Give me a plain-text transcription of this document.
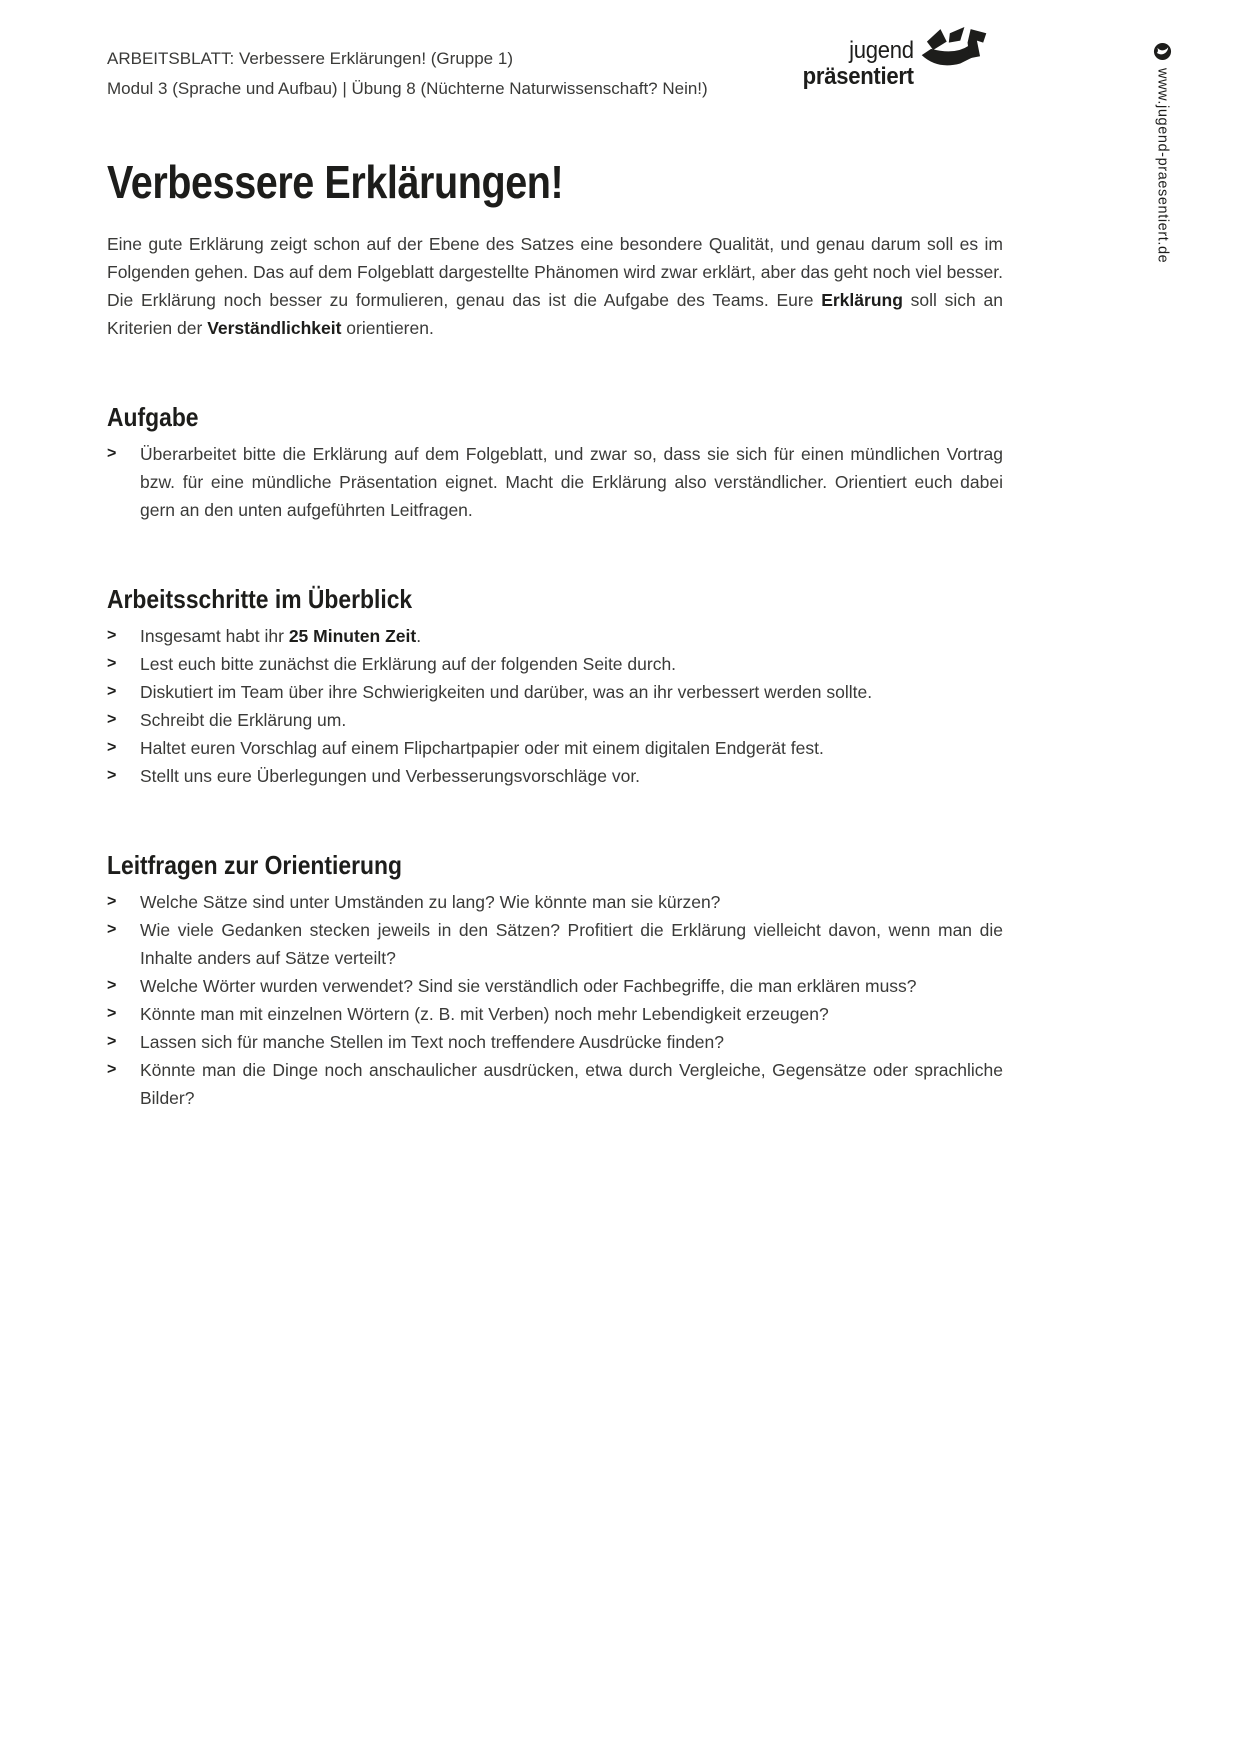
jugend
präsentiert	www.jugend-praesentiert.de
ARBEITSBLATT: Verbessere Erklärungen! (Gruppe 1)
Modul 3 (Sprache und Aufbau) | Übung 8 (Nüchterne Naturwissenschaft? Nein!)
Verbessere Erklärungen!

Eine gute Erklärung zeigt schon auf der Ebene des Satzes eine besondere Qualität, und genau darum soll es im Folgenden gehen. Das auf dem Folgeblatt dargestellte Phänomen wird zwar erklärt, aber das geht noch viel besser. Die Erklärung noch besser zu formulieren, genau das ist die Aufgabe des Teams. Eure Erklärung soll sich an Kriterien der Verständlichkeit orientieren.

Aufgabe
>	Überarbeitet bitte die Erklärung auf dem Folgeblatt, und zwar so, dass sie sich für einen mündlichen Vortrag bzw. für eine mündliche Präsentation eignet. Macht die Erklärung also verständlicher. Orientiert euch dabei gern an den unten aufgeführten Leitfragen.
Arbeitsschritte im Überblick
>	Insgesamt habt ihr 25 Minuten Zeit.
>	Lest euch bitte zunächst die Erklärung auf der folgenden Seite durch.
>	Diskutiert im Team über ihre Schwierigkeiten und darüber, was an ihr verbessert werden sollte.
>	Schreibt die Erklärung um.
>	Haltet euren Vorschlag auf einem Flipchartpapier oder mit einem digitalen Endgerät fest.
>	Stellt uns eure Überlegungen und Verbesserungsvorschläge vor.
Leitfragen zur Orientierung
>	Welche Sätze sind unter Umständen zu lang? Wie könnte man sie kürzen?
>	Wie viele Gedanken stecken jeweils in den Sätzen? Profitiert die Erklärung vielleicht davon, wenn man die Inhalte anders auf Sätze verteilt?
>	Welche Wörter wurden verwendet? Sind sie verständlich oder Fachbegriffe, die man erklären muss?
>	Könnte man mit einzelnen Wörtern (z. B. mit Verben) noch mehr Lebendigkeit erzeugen?
>	Lassen sich für manche Stellen im Text noch treffendere Ausdrücke finden?
>	Könnte man die Dinge noch anschaulicher ausdrücken, etwa durch Vergleiche, Gegensätze oder sprachliche Bilder?
